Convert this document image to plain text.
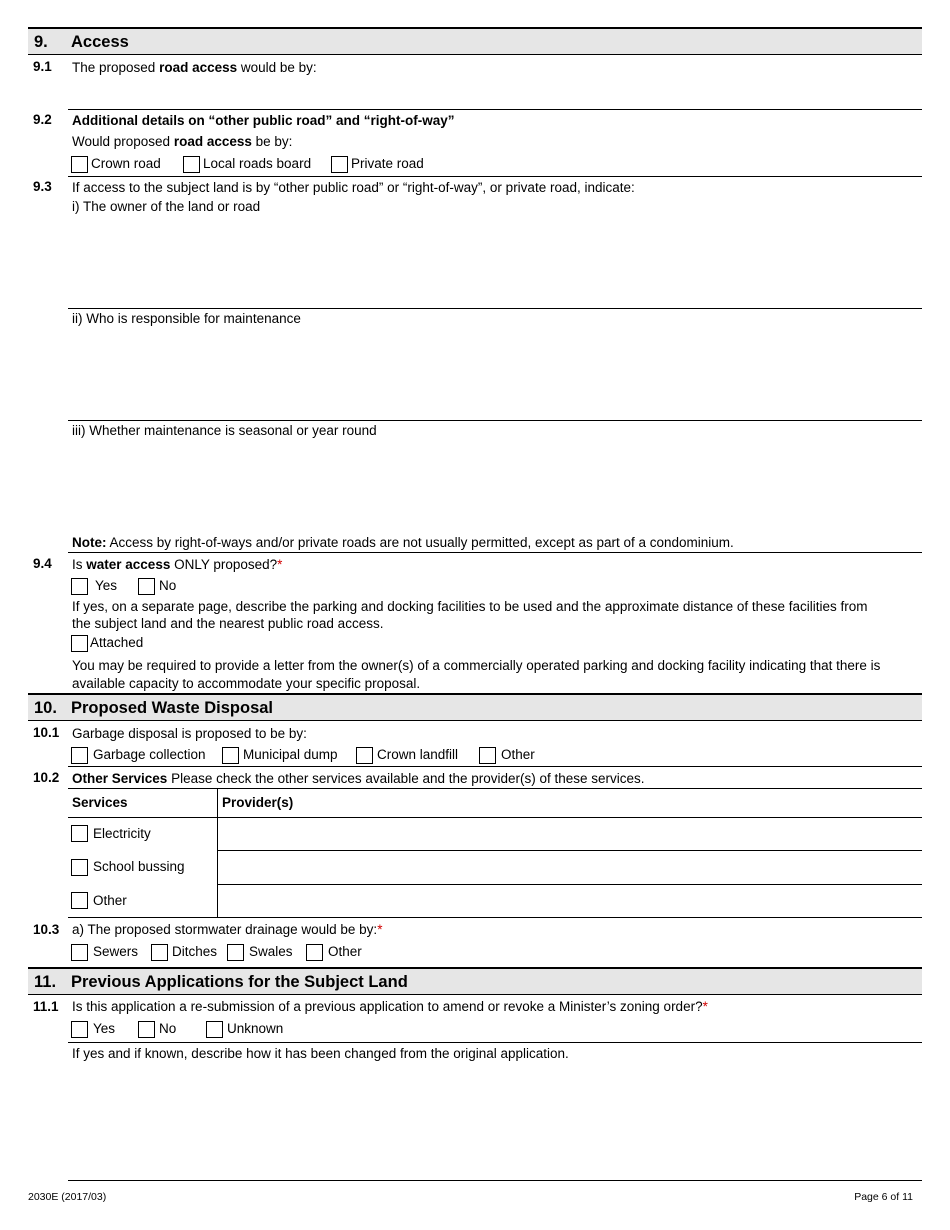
9. Access
9.1 The proposed road access would be by:
9.2 Additional details on “other public road” and “right-of-way”
Would proposed road access be by:
Crown road	Local roads board	Private road
9.3 If access to the subject land is by “other public road” or “right-of-way”, or private road, indicate:
i) The owner of the land or road
ii) Who is responsible for maintenance
iii) Whether maintenance is seasonal or year round
Note: Access by right-of-ways and/or private roads are not usually permitted, except as part of a condominium.
9.4 Is water access ONLY proposed?*
Yes	No
If yes, on a separate page, describe the parking and docking facilities to be used and the approximate distance of these facilities from
the subject land and the nearest public road access.
Attached
You may be required to provide a letter from the owner(s) of a commercially operated parking and docking facility indicating that there is
available capacity to accommodate your specific proposal.
10. Proposed Waste Disposal
10.1 Garbage disposal is proposed to be by:
Garbage collection	Municipal dump	Crown landfill	Other
10.2 Other Services Please check the other services available and the provider(s) of these services.
Services	Provider(s)
Electricity
School bussing
Other
10.3 a) The proposed stormwater drainage would be by:*
Sewers	Ditches Swales	Other
11. Previous Applications for the Subject Land
11.1 Is this application a re-submission of a previous application to amend or revoke a Minister’s zoning order?*
Yes	No	Unknown
If yes and if known, describe how it has been changed from the original application.
2030E (2017/03)	Page 6 of 11
